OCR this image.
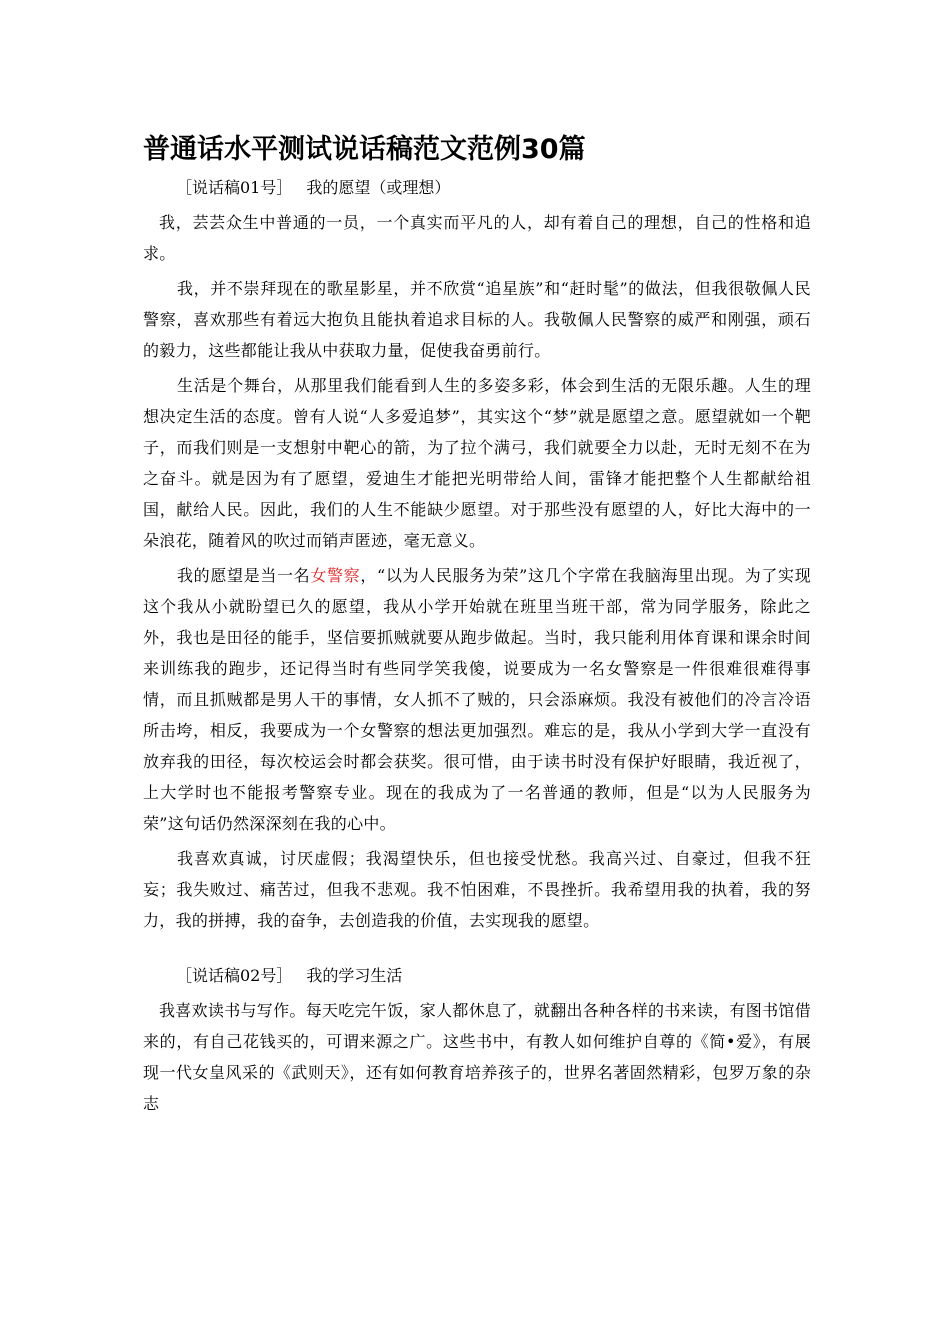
普通话水平测试说话稿范文范例30篇

［说话稿01号］ 我的愿望（或理想）

我，芸芸众生中普通的一员，一个真实而平凡的人，却有着自己的理想，自己的性格和追求。

我，并不崇拜现在的歌星影星，并不欣赏“追星族”和“赶时髦”的做法，但我很敬佩人民警察，喜欢那些有着远大抱负且能执着追求目标的人。我敬佩人民警察的威严和刚强，顽石的毅力，这些都能让我从中获取力量，促使我奋勇前行。

生活是个舞台，从那里我们能看到人生的多姿多彩，体会到生活的无限乐趣。人生的理想决定生活的态度。曾有人说“人多爱追梦”，其实这个“梦”就是愿望之意。愿望就如一个靶子，而我们则是一支想射中靶心的箭，为了拉个满弓，我们就要全力以赴，无时无刻不在为之奋斗。就是因为有了愿望，爱迪生才能把光明带给人间，雷锋才能把整个人生都献给祖国，献给人民。因此，我们的人生不能缺少愿望。对于那些没有愿望的人，好比大海中的一朵浪花，随着风的吹过而销声匿迹，毫无意义。

我的愿望是当一名女警察，“以为人民服务为荣”这几个字常在我脑海里出现。为了实现这个我从小就盼望已久的愿望，我从小学开始就在班里当班干部，常为同学服务，除此之外，我也是田径的能手，坚信要抓贼就要从跑步做起。当时，我只能利用体育课和课余时间来训练我的跑步，还记得当时有些同学笑我傻，说要成为一名女警察是一件很难很难得事情，而且抓贼都是男人干的事情，女人抓不了贼的，只会添麻烦。我没有被他们的冷言冷语所击垮，相反，我要成为一个女警察的想法更加强烈。难忘的是，我从小学到大学一直没有放弃我的田径，每次校运会时都会获奖。很可惜，由于读书时没有保护好眼睛，我近视了，上大学时也不能报考警察专业。现在的我成为了一名普通的教师，但是“以为人民服务为荣”这句话仍然深深刻在我的心中。

我喜欢真诚，讨厌虚假；我渴望快乐，但也接受忧愁。我高兴过、自豪过，但我不狂妄；我失败过、痛苦过，但我不悲观。我不怕困难，不畏挫折。我希望用我的执着，我的努力，我的拼搏，我的奋争，去创造我的价值，去实现我的愿望。

［说话稿02号］ 我的学习生活

我喜欢读书与写作。每天吃完午饭，家人都休息了，就翻出各种各样的书来读，有图书馆借来的，有自己花钱买的，可谓来源之广。这些书中，有教人如何维护自尊的《简•爱》，有展现一代女皇风采的《武则天》，还有如何教育培养孩子的，世界名著固然精彩，包罗万象的杂志
